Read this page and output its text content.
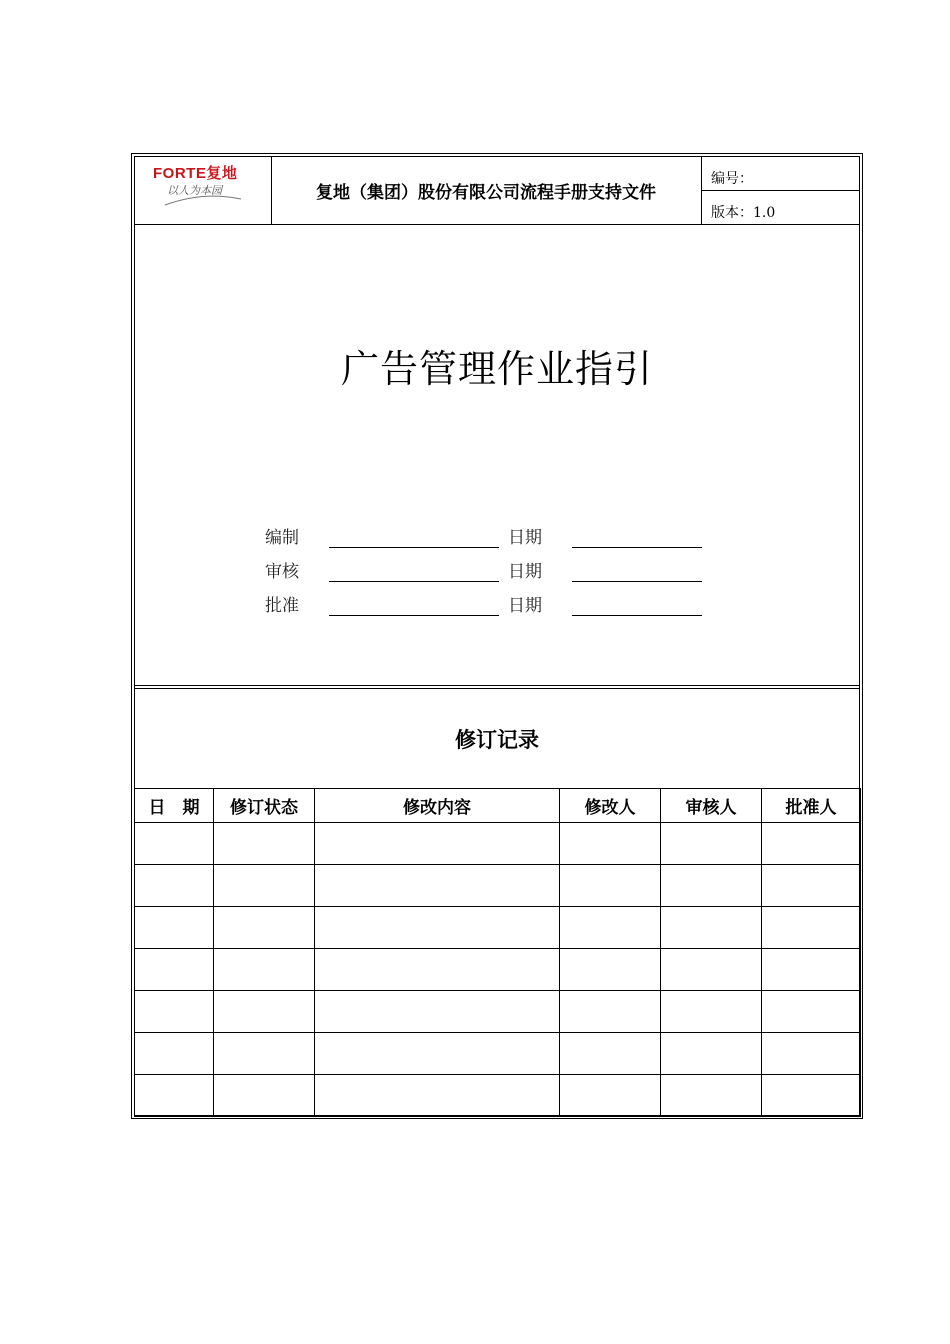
FORTE复地
以人为本园	复地（集团）股份有限公司流程手册支持文件
编号：
版本：1.0
广告管理作业指引
编制	日期
审核	日期
批准	日期
修订记录
日　期	修订状态	修改内容	修改人	审核人	批准人
